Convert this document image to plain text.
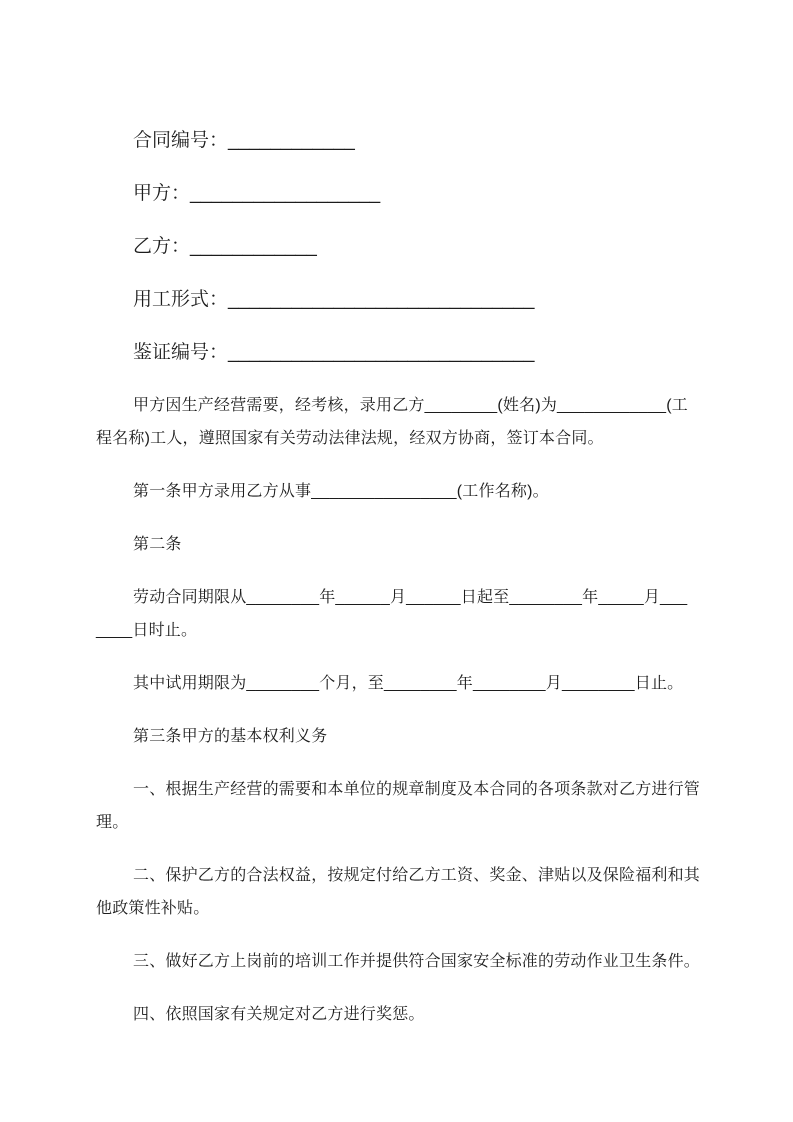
合同编号：____________

甲方：__________________

乙方：____________

用工形式：_____________________________

鉴证编号：_____________________________

甲方因生产经营需要，经考核，录用乙方________(姓名)为____________(工
程名称)工人，遵照国家有关劳动法律法规，经双方协商，签订本合同。

第一条甲方录用乙方从事________________(工作名称)。

第二条

劳动合同期限从________年______月______日起至________年_____月___
____日时止。

其中试用期限为________个月，至________年________月________日止。

第三条甲方的基本权利义务

一、根据生产经营的需要和本单位的规章制度及本合同的各项条款对乙方进行管
理。

二、保护乙方的合法权益，按规定付给乙方工资、奖金、津贴以及保险福利和其
他政策性补贴。

三、做好乙方上岗前的培训工作并提供符合国家安全标准的劳动作业卫生条件。

四、依照国家有关规定对乙方进行奖惩。
